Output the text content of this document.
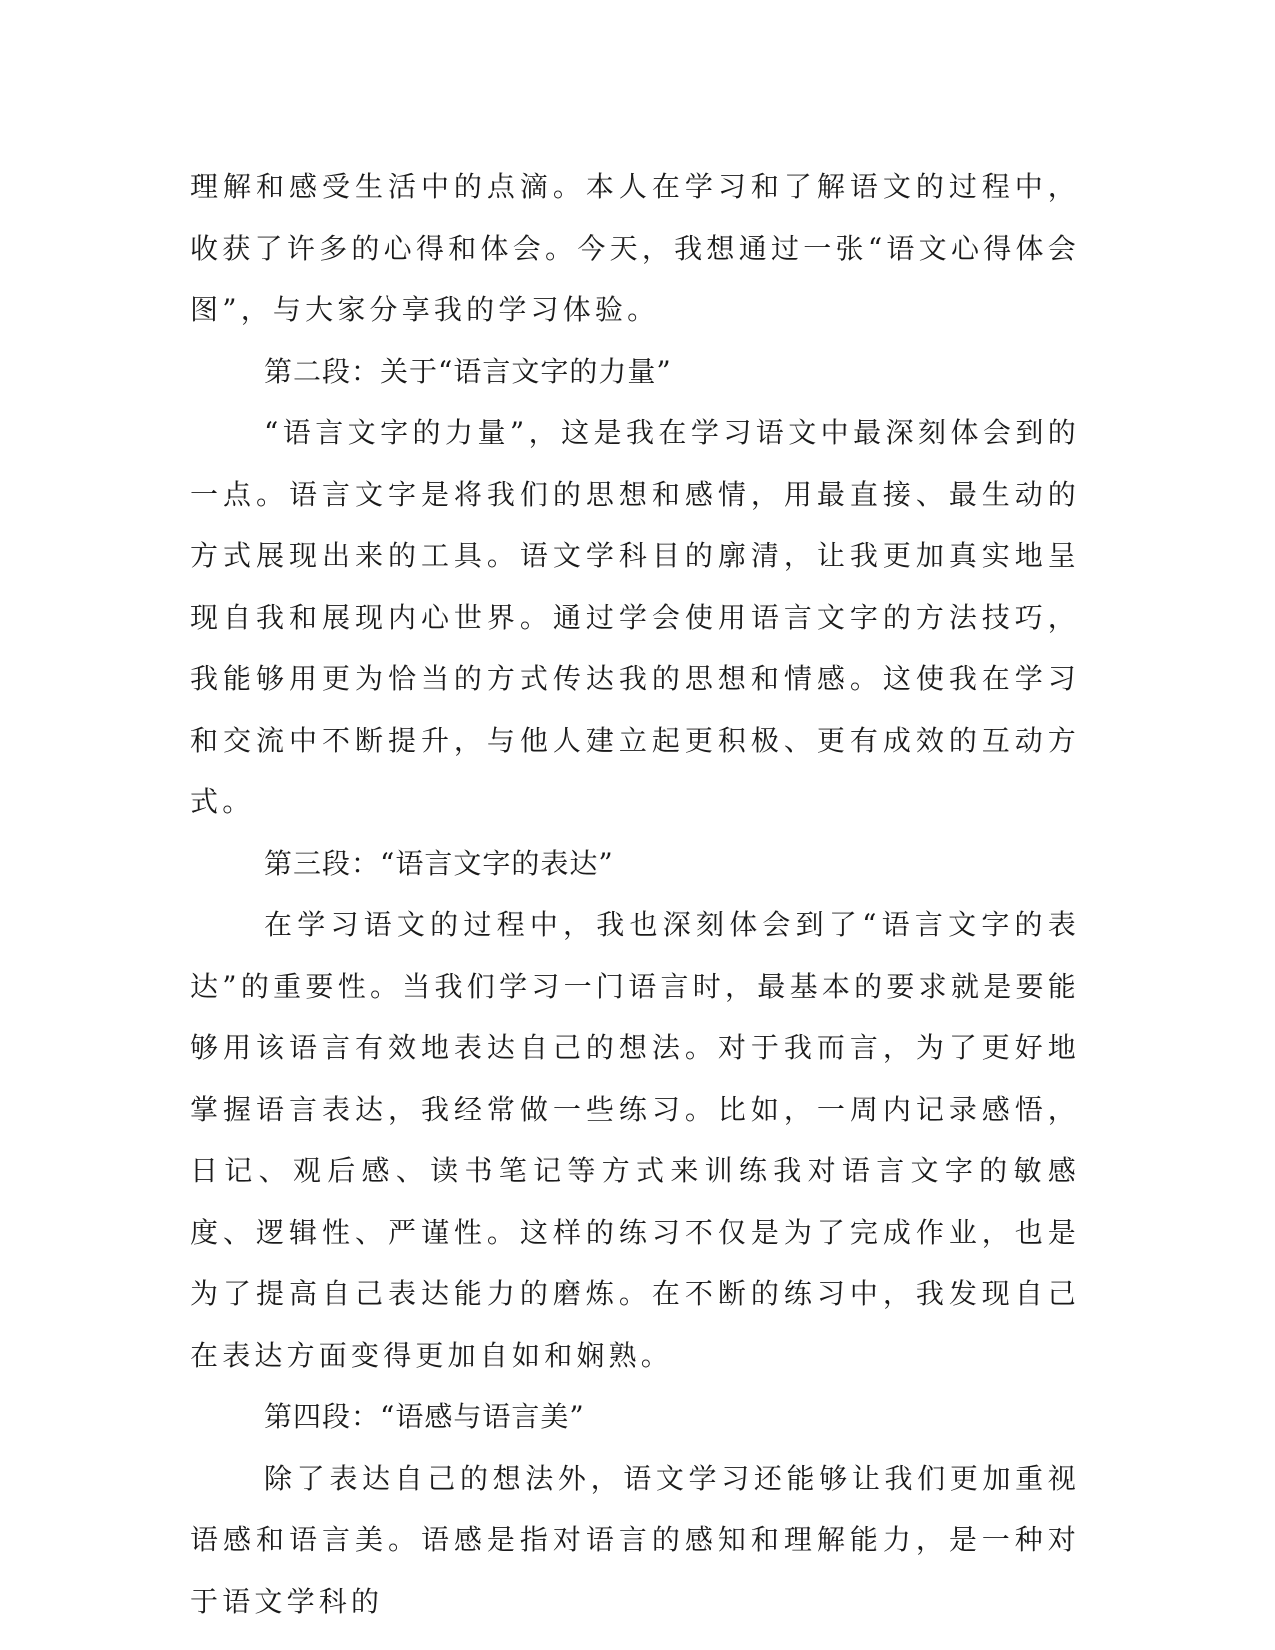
理解和感受生活中的点滴。本人在学习和了解语文的过程中，收获了许多的心得和体会。今天，我想通过一张“语文心得体会图”，与大家分享我的学习体验。

第二段：关于“语言文字的力量”

“语言文字的力量”，这是我在学习语文中最深刻体会到的一点。语言文字是将我们的思想和感情，用最直接、最生动的方式展现出来的工具。语文学科目的廓清，让我更加真实地呈现自我和展现内心世界。通过学会使用语言文字的方法技巧，我能够用更为恰当的方式传达我的思想和情感。这使我在学习和交流中不断提升，与他人建立起更积极、更有成效的互动方式。

第三段：“语言文字的表达”

在学习语文的过程中，我也深刻体会到了“语言文字的表达”的重要性。当我们学习一门语言时，最基本的要求就是要能够用该语言有效地表达自己的想法。对于我而言，为了更好地掌握语言表达，我经常做一些练习。比如，一周内记录感悟，日记、观后感、读书笔记等方式来训练我对语言文字的敏感度、逻辑性、严谨性。这样的练习不仅是为了完成作业，也是为了提高自己表达能力的磨炼。在不断的练习中，我发现自己在表达方面变得更加自如和娴熟。

第四段：“语感与语言美”

除了表达自己的想法外，语文学习还能够让我们更加重视语感和语言美。语感是指对语言的感知和理解能力，是一种对于语文学科的
